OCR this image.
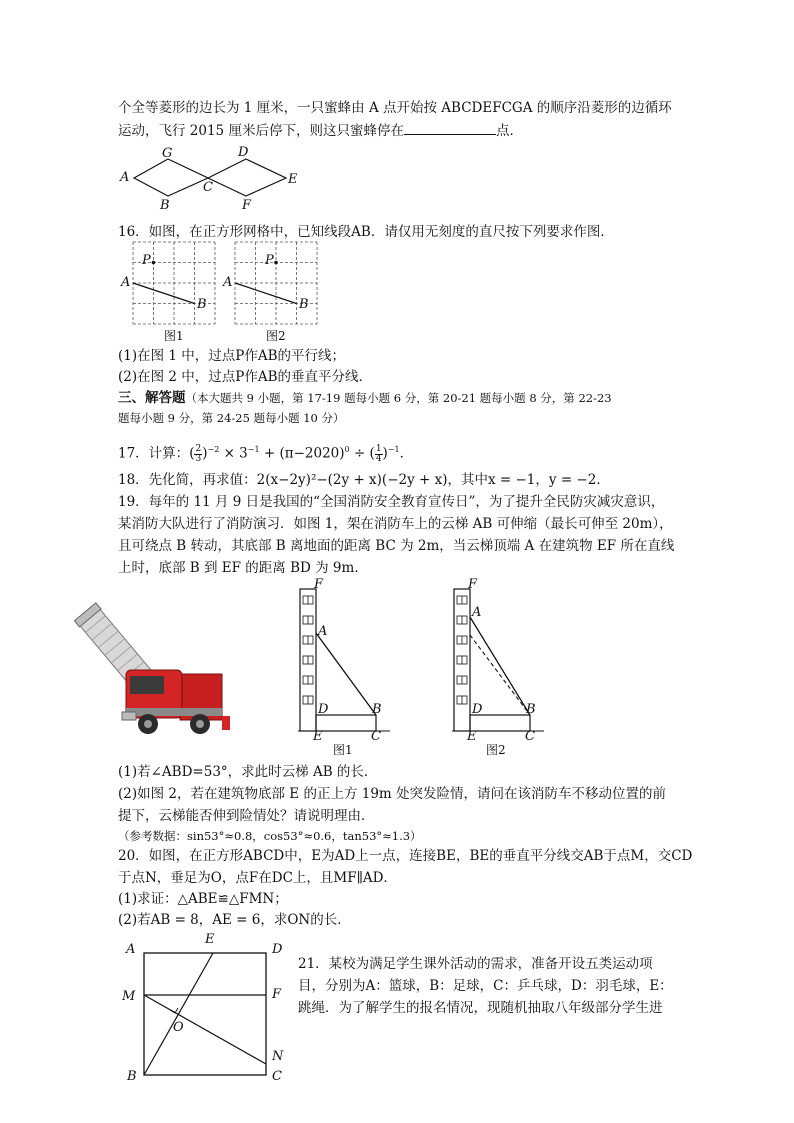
个全等菱形的边长为 1 厘米，一只蜜蜂由 A 点开始按 ABCDEFCGA 的顺序沿菱形的边循环
运动，飞行 2015 厘米后停下，则这只蜜蜂停在	点．
A
G	D
C
E
B	F
16．如图，在正方形网格中，已知线段AB．请仅用无刻度的直尺按下列要求作图．
P
A
B
图1
P
A
B
图2
(1)在图 1 中，过点P作AB的平行线；
(2)在图 2 中，过点P作AB的垂直平分线．
三、解答题（本大题共 9 小题，第 17-19 题每小题 6 分，第 20-21 题每小题 8 分，第 22-23
题每小题 9 分，第 24-25 题每小题 10 分）
17．计算：( $\frac{2}{3})^{-2} \times 3^{-1} + (\pi-2020)^0$ ÷ ( $\frac{1}{4})^{-1}$．
18．先化简，再求值：2(x−2y)²−(2y + x)(−2y + x)，其中x = −1，y = −2．
19．每年的 11 月 9 日是我国的“全国消防安全教育宣传日”，为了提升全民防灾减灾意识，
某消防大队进行了消防演习．如图 1，架在消防车上的云梯 AB 可伸缩（最长可伸至 20m），
且可绕点 B 转动，其底部 B 离地面的距离 BC 为 2m，当云梯顶端 A 在建筑物 EF 所在直线
上时，底部 B 到 EF 的距离 BD 为 9m．
F
A
D	B
E	C
图1
F
A
D	B
E	C
图2
(1)若∠ABD=53°，求此时云梯 AB 的长．
(2)如图 2，若在建筑物底部 E 的正上方 19m 处突发险情，请问在该消防车不移动位置的前
提下，云梯能否伸到险情处？请说明理由．
（参考数据：sin53°≈0.8，cos53°≈0.6，tan53°≈1.3）
20．如图，在正方形ABCD中，E为AD上一点，连接BE，BE的垂直平分线交AB于点M，交CD
于点N，垂足为O，点F在DC上，且MF∥AD．
(1)求证：△ABE≌△FMN；
(2)若AB = 8，AE = 6，求ON的长．
A
E
D
M	F
O
N
B	C
21．某校为满足学生课外活动的需求，准备开设五类运动项
目，分别为A：篮球，B：足球，C：乒乓球，D：羽毛球，E：
跳绳．为了解学生的报名情况，现随机抽取八年级部分学生进
